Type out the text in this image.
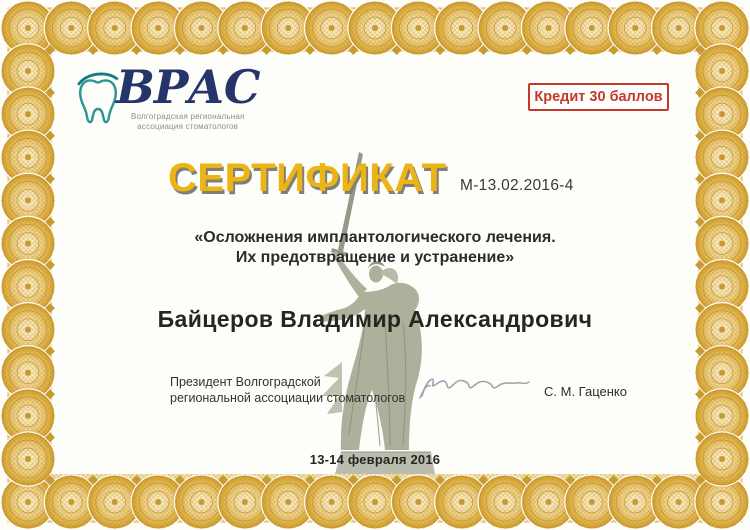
ВРАС
Волгоградская региональная
ассоциация стоматологов
Кредит 30 баллов
СЕРТИФИКАТ М-13.02.2016-4
«Осложнения имплантологического лечения.
Их предотвращение и устранение»
Байцеров Владимир Александрович
Президент Волгоградской
региональной ассоциации стоматологов	С. М. Гаценко
13-14 февраля 2016
